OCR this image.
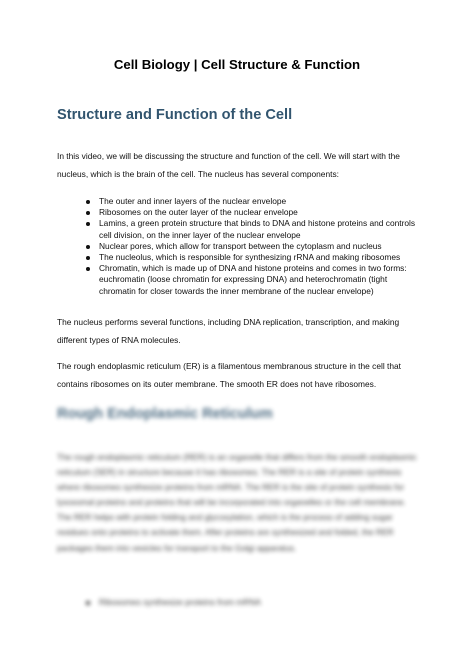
Cell Biology | Cell Structure & Function
Structure and Function of the Cell
In this video, we will be discussing the structure and function of the cell. We will start with the nucleus, which is the brain of the cell. The nucleus has several components:
The outer and inner layers of the nuclear envelope
Ribosomes on the outer layer of the nuclear envelope
Lamins, a green protein structure that binds to DNA and histone proteins and controls cell division, on the inner layer of the nuclear envelope
Nuclear pores, which allow for transport between the cytoplasm and nucleus
The nucleolus, which is responsible for synthesizing rRNA and making ribosomes
Chromatin, which is made up of DNA and histone proteins and comes in two forms: euchromatin (loose chromatin for expressing DNA) and heterochromatin (tight chromatin for closer towards the inner membrane of the nuclear envelope)
The nucleus performs several functions, including DNA replication, transcription, and making different types of RNA molecules.
The rough endoplasmic reticulum (ER) is a filamentous membranous structure in the cell that contains ribosomes on its outer membrane. The smooth ER does not have ribosomes.
Rough Endoplasmic Reticulum
The rough endoplasmic reticulum (RER) is an organelle that differs from the smooth endoplasmic reticulum (SER) in structure because it has ribosomes. The RER is a site of protein synthesis where ribosomes synthesize proteins from mRNA. The RER is the site of protein synthesis for lysosomal proteins and proteins that will be incorporated into organelles or the cell membrane. The RER helps with protein folding and glycosylation, which is the process of adding sugar residues onto proteins to activate them. After proteins are synthesized and folded, the RER packages them into vesicles for transport to the Golgi apparatus.
Ribosomes synthesize proteins from mRNA
